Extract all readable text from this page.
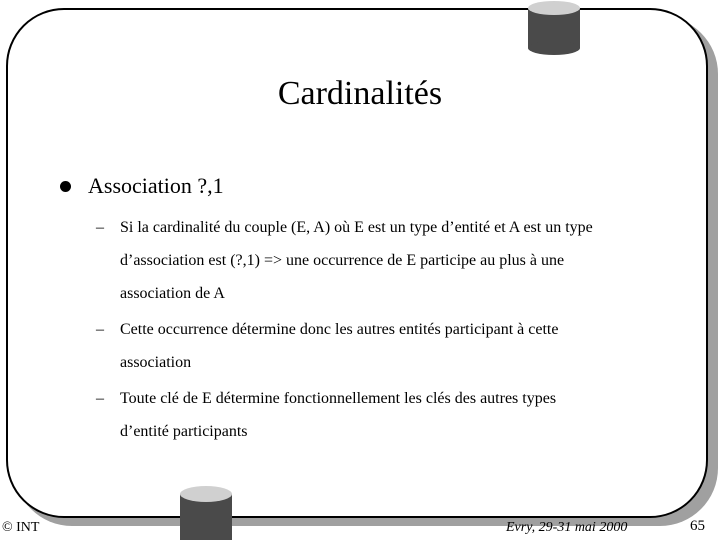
Cardinalités
Association ?,1
– Si la cardinalité du couple (E, A) où E est un type d’entité et A est un type
d’association est (?,1) => une occurrence de E participe au plus à une
association de A
– Cette occurrence détermine donc les autres entités participant à cette
association
– Toute clé de E détermine fonctionnellement les clés des autres types
d’entité participants
© INT	Evry, 29-31 mai 2000	65
